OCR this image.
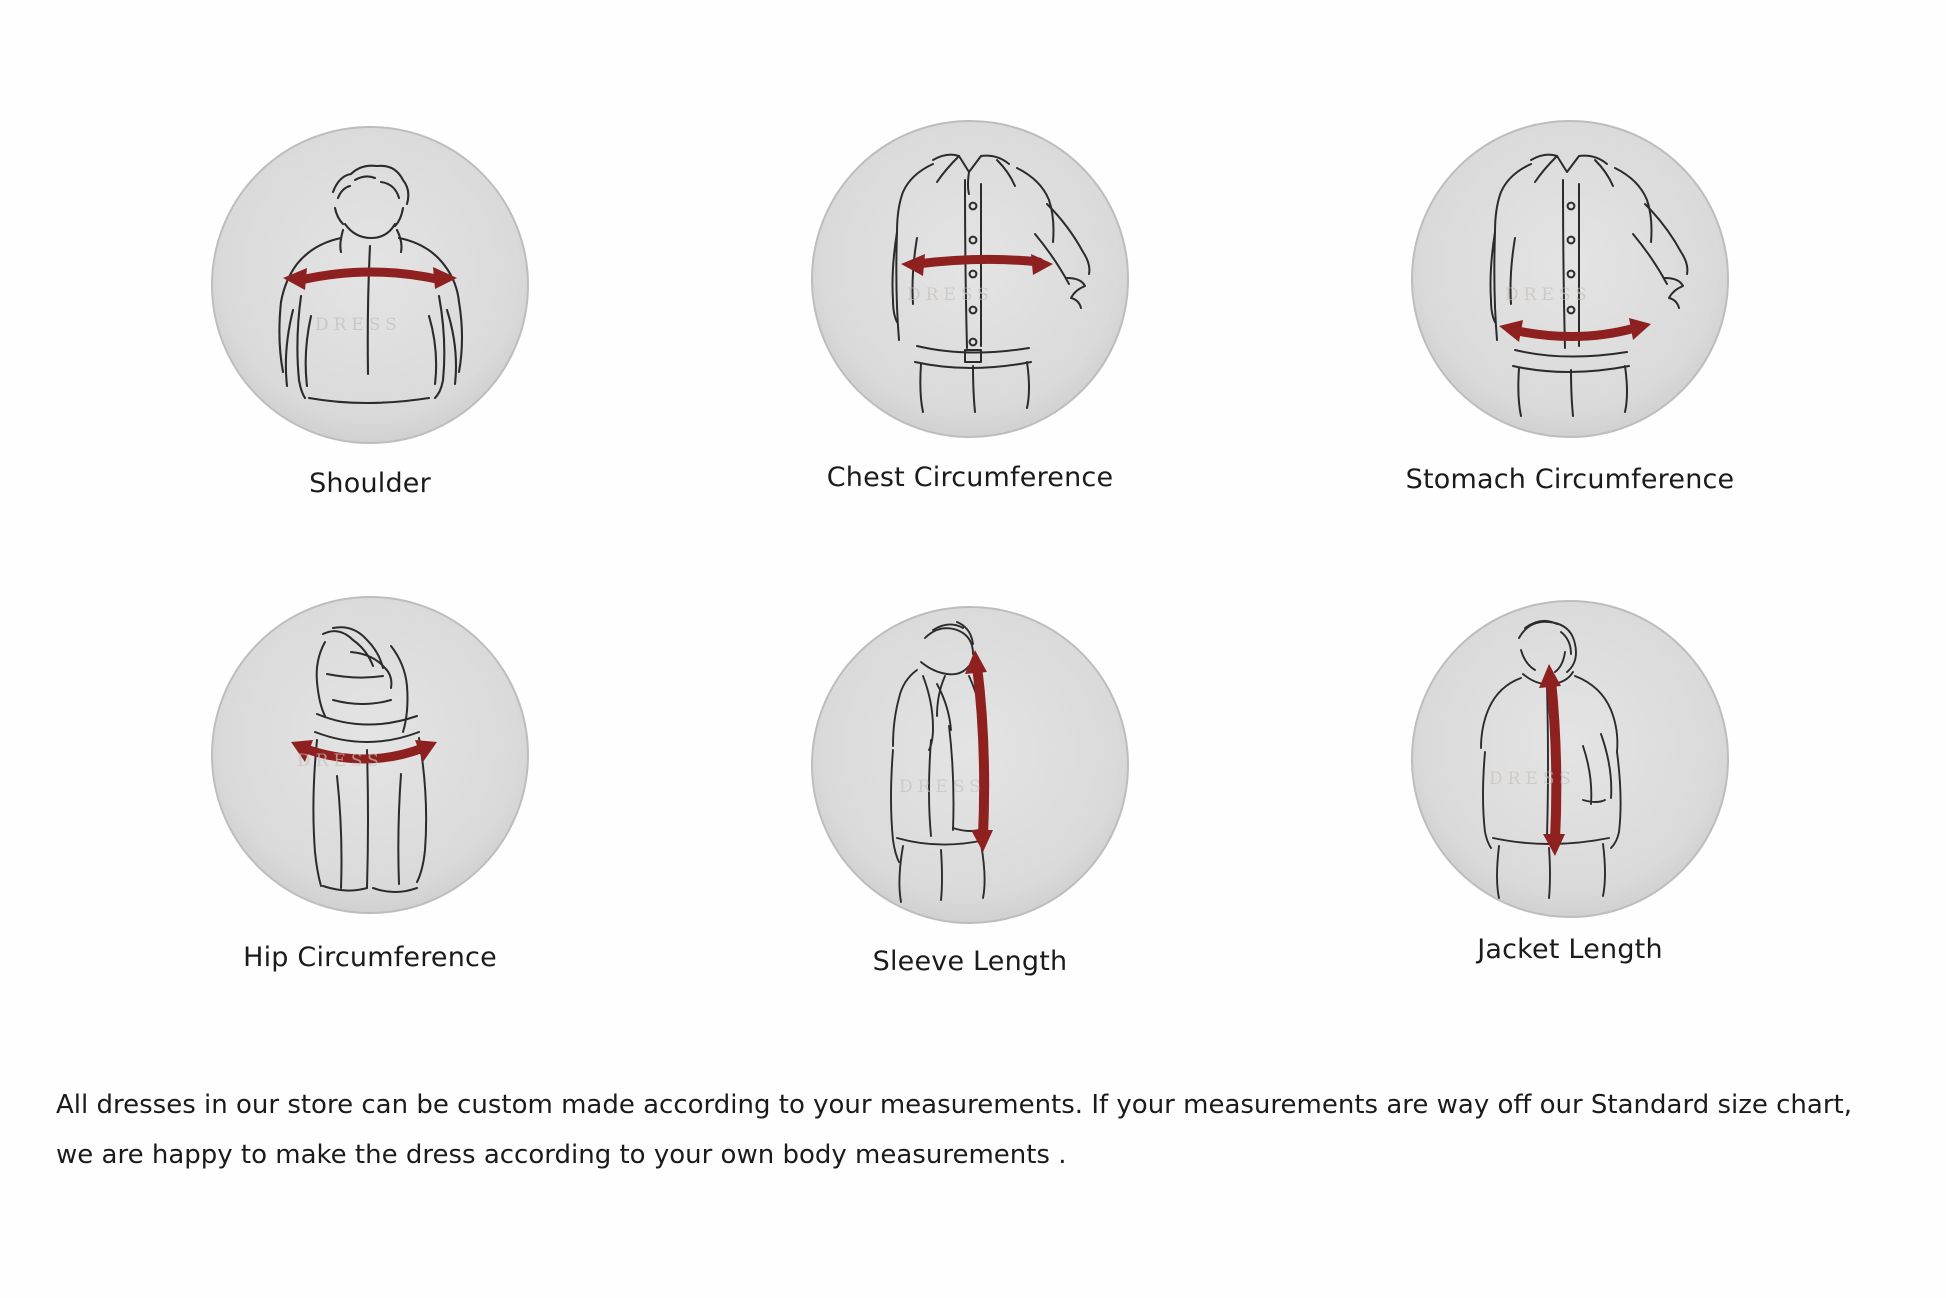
DRESS
Shoulder
DRESS
Chest Circumference
DRESS
Stomach Circumference
DRESS
Hip Circumference
DRESS
Sleeve Length
DRESS
Jacket Length
All dresses in our store can be custom made according to your measurements. If your measurements are way off our Standard size chart, we are happy to make the dress according to your own body measurements .
